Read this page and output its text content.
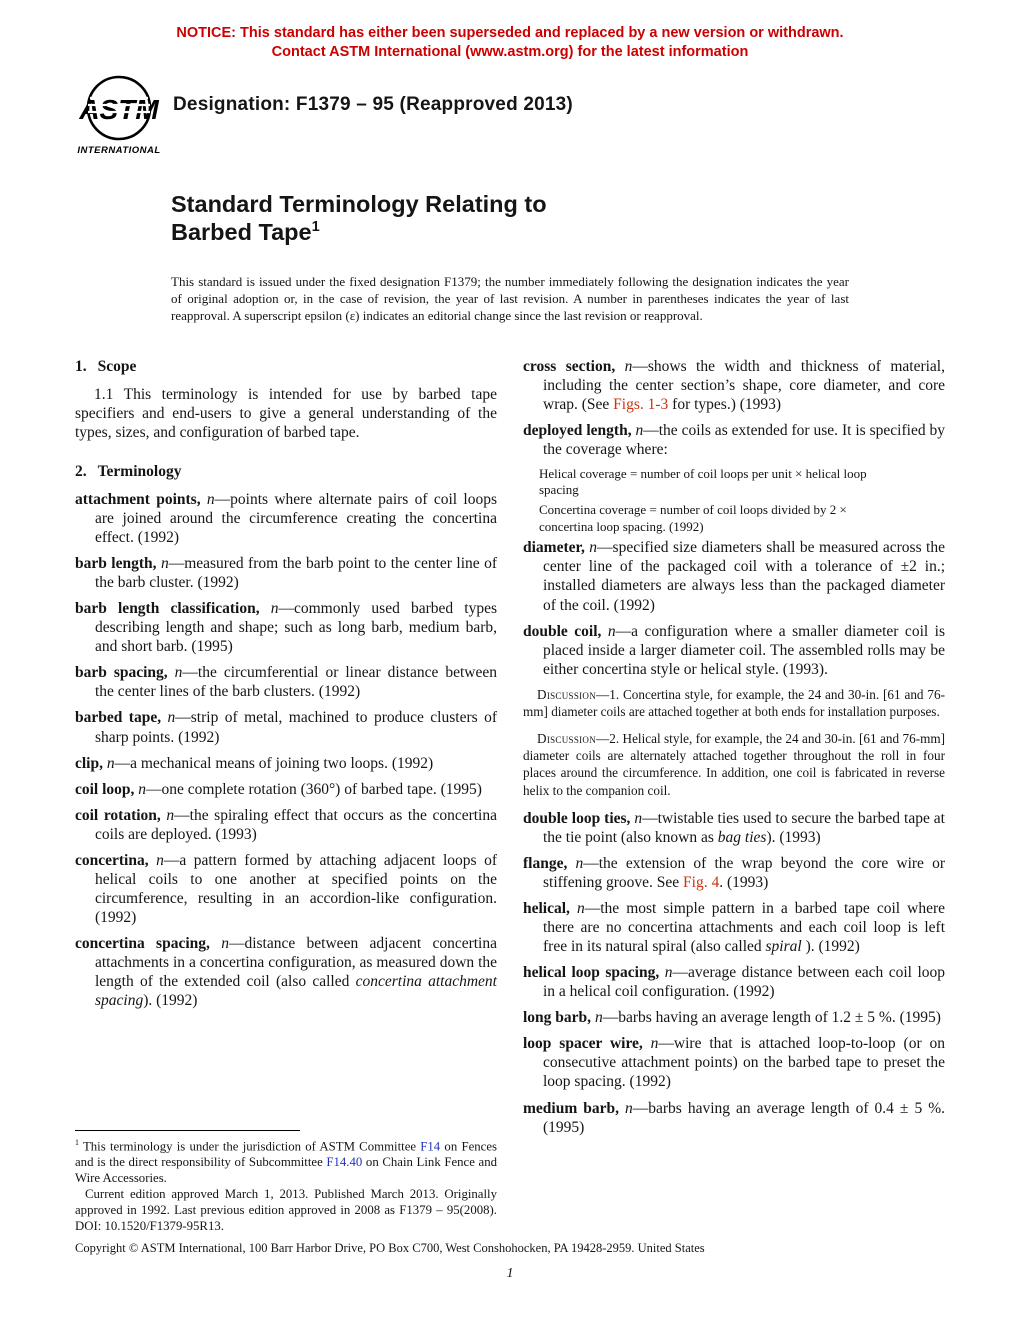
NOTICE: This standard has either been superseded and replaced by a new version or withdrawn.
Contact ASTM International (www.astm.org) for the latest information
ASTM
INTERNATIONAL
Designation: F1379 – 95 (Reapproved 2013)
Standard Terminology Relating to
Barbed Tape$^1$

This standard is issued under the fixed designation F1379; the number immediately following the designation indicates the year of original adoption or, in the case of revision, the year of last revision. A number in parentheses indicates the year of last reapproval. A superscript epsilon (ε) indicates an editorial change since the last revision or reapproval.

1. Scope

1.1 This terminology is intended for use by barbed tape specifiers and end-users to give a general understanding of the types, sizes, and configuration of barbed tape.

2. Terminology

attachment points, n—points where alternate pairs of coil loops are joined around the circumference creating the concertina effect. (1992)

barb length, n—measured from the barb point to the center line of the barb cluster. (1992)

barb length classification, n—commonly used barbed types describing length and shape; such as long barb, medium barb, and short barb. (1995)

barb spacing, n—the circumferential or linear distance between the center lines of the barb clusters. (1992)

barbed tape, n—strip of metal, machined to produce clusters of sharp points. (1992)

clip, n—a mechanical means of joining two loops. (1992)

coil loop, n—one complete rotation (360°) of barbed tape. (1995)

coil rotation, n—the spiraling effect that occurs as the concertina coils are deployed. (1993)

concertina, n—a pattern formed by attaching adjacent loops of helical coils to one another at specified points on the circumference, resulting in an accordion-like configuration. (1992)

concertina spacing, n—distance between adjacent concertina attachments in a concertina configuration, as measured down the length of the extended coil (also called concertina attachment spacing). (1992)

$^1$ This terminology is under the jurisdiction of ASTM Committee F14 on Fences and is the direct responsibility of Subcommittee F14.40 on Chain Link Fence and Wire Accessories.

Current edition approved March 1, 2013. Published March 2013. Originally approved in 1992. Last previous edition approved in 2008 as F1379 – 95(2008). DOI: 10.1520/F1379-95R13.

cross section, n—shows the width and thickness of material, including the center section’s shape, core diameter, and core wrap. (See Figs. 1-3 for types.) (1993)

deployed length, n—the coils as extended for use. It is specified by the coverage where:

Helical coverage = number of coil loops per unit × helical loop spacing

Concertina coverage = number of coil loops divided by 2 × concertina loop spacing. (1992)

diameter, n—specified size diameters shall be measured across the center line of the packaged coil with a tolerance of ±2 in.; installed diameters are always less than the packaged diameter of the coil. (1992)

double coil, n—a configuration where a smaller diameter coil is placed inside a larger diameter coil. The assembled rolls may be either concertina style or helical style. (1993).

Discussion—1. Concertina style, for example, the 24 and 30-in. [61 and 76-mm] diameter coils are attached together at both ends for installation purposes.

Discussion—2. Helical style, for example, the 24 and 30-in. [61 and 76-mm] diameter coils are alternately attached together throughout the roll in four places around the circumference. In addition, one coil is fabricated in reverse helix to the companion coil.

double loop ties, n—twistable ties used to secure the barbed tape at the tie point (also known as bag ties). (1993)

flange, n—the extension of the wrap beyond the core wire or stiffening groove. See Fig. 4. (1993)

helical, n—the most simple pattern in a barbed tape coil where there are no concertina attachments and each coil loop is left free in its natural spiral (also called spiral ). (1992)

helical loop spacing, n—average distance between each coil loop in a helical coil configuration. (1992)

long barb, n—barbs having an average length of 1.2 ± 5 %. (1995)

loop spacer wire, n—wire that is attached loop-to-loop (or on consecutive attachment points) on the barbed tape to preset the loop spacing. (1992)

medium barb, n—barbs having an average length of 0.4 ± 5 %. (1995)

Copyright © ASTM International, 100 Barr Harbor Drive, PO Box C700, West Conshohocken, PA 19428-2959. United States
1
